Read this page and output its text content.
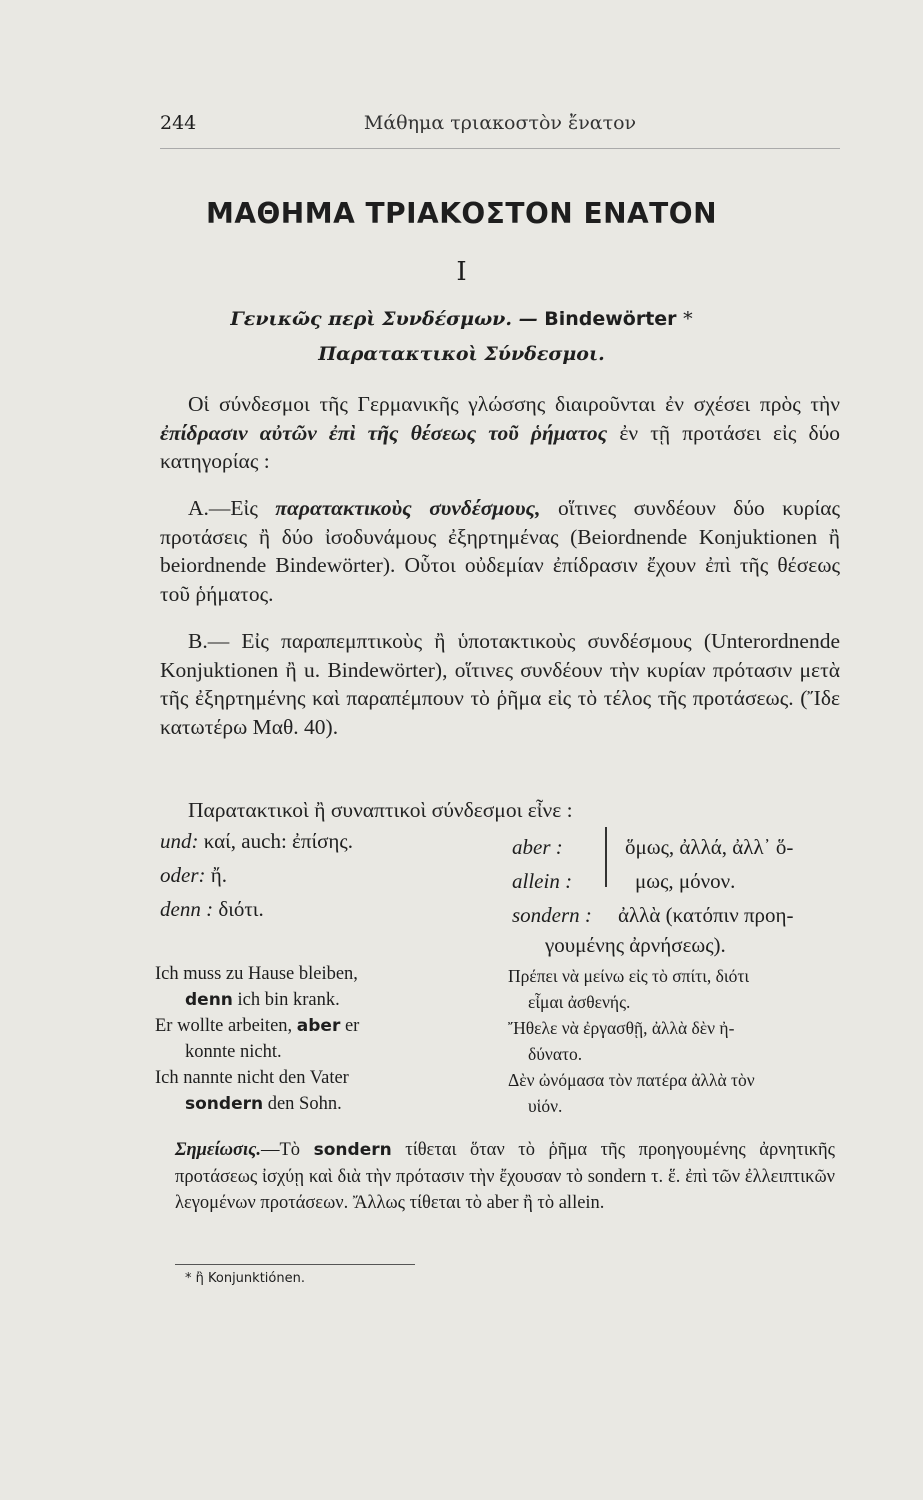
244	Μάθημα τριακοστὸν ἔνατον
ΜΑΘΗΜΑ ΤΡΙΑΚΟΣΤΟΝ ΕΝΑΤΟΝ
I
Γενικῶς περὶ Συνδέσμων. — Bindewörter *
Παρατακτικοὶ Σύνδεσμοι.

Οἱ σύνδεσμοι τῆς Γερμανικῆς γλώσσης διαιροῦνται ἐν σχέσει πρὸς τὴν ἐπίδρασιν αὐτῶν ἐπὶ τῆς θέσεως τοῦ ῥήματος ἐν τῇ προτάσει εἰς δύο κατηγορίας :

A.—Εἰς παρατακτικοὺς συνδέσμους, οἵτινες συνδέουν δύο κυρίας προτάσεις ἢ δύο ἰσοδυνάμους ἐξηρτημένας (Beiordnende Konjuktionen ἢ beiordnende Bindewörter). Οὗτοι οὐδεμίαν ἐπίδρασιν ἔχουν ἐπὶ τῆς θέσεως τοῦ ῥήματος.

B.— Εἰς παραπεμπτικοὺς ἢ ὑποτακτικοὺς συνδέσμους (Unterordnende Konjuktionen ἢ u. Bindewörter), οἵτινες συνδέουν τὴν κυρίαν πρότασιν μετὰ τῆς ἐξηρτημένης καὶ παραπέμπουν τὸ ῥῆμα εἰς τὸ τέλος τῆς προτάσεως. (Ἴδε κατωτέρω Μαθ. 40).

Παρατακτικοὶ ἢ συναπτικοὶ σύνδεσμοι εἶνε :

und: καί, auch: ἐπίσης.
oder: ἤ.
denn : διότι.
aber :
allein :
ὅμως, ἀλλά, ἀλλ᾽ ὅ-
μως, μόνον.
sondern : ἀλλὰ (κατόπιν προη-
γουμένης ἀρνήσεως).
Ich muss zu Hause bleiben,
denn ich bin krank.
Er wollte arbeiten, aber er
konnte nicht.
Ich nannte nicht den Vater
sondern den Sohn.
Πρέπει νὰ μείνω εἰς τὸ σπίτι, διότι
εἶμαι ἀσθενής.
Ἤθελε νὰ ἐργασθῇ, ἀλλὰ δὲν ἠ-
δύνατο.
Δὲν ὠνόμασα τὸν πατέρα ἀλλὰ τὸν
υἱόν.

Σημείωσις.—Τὸ sondern τίθεται ὅταν τὸ ῥῆμα τῆς προηγουμένης ἀρνητικῆς προτάσεως ἰσχύῃ καὶ διὰ τὴν πρότασιν τὴν ἔχουσαν τὸ sondern τ. ἕ. ἐπὶ τῶν ἐλλειπτικῶν λεγομένων προτάσεων. Ἄλλως τίθεται τὸ aber ἢ τὸ allein.

* ἢ Konjunktiónen.
